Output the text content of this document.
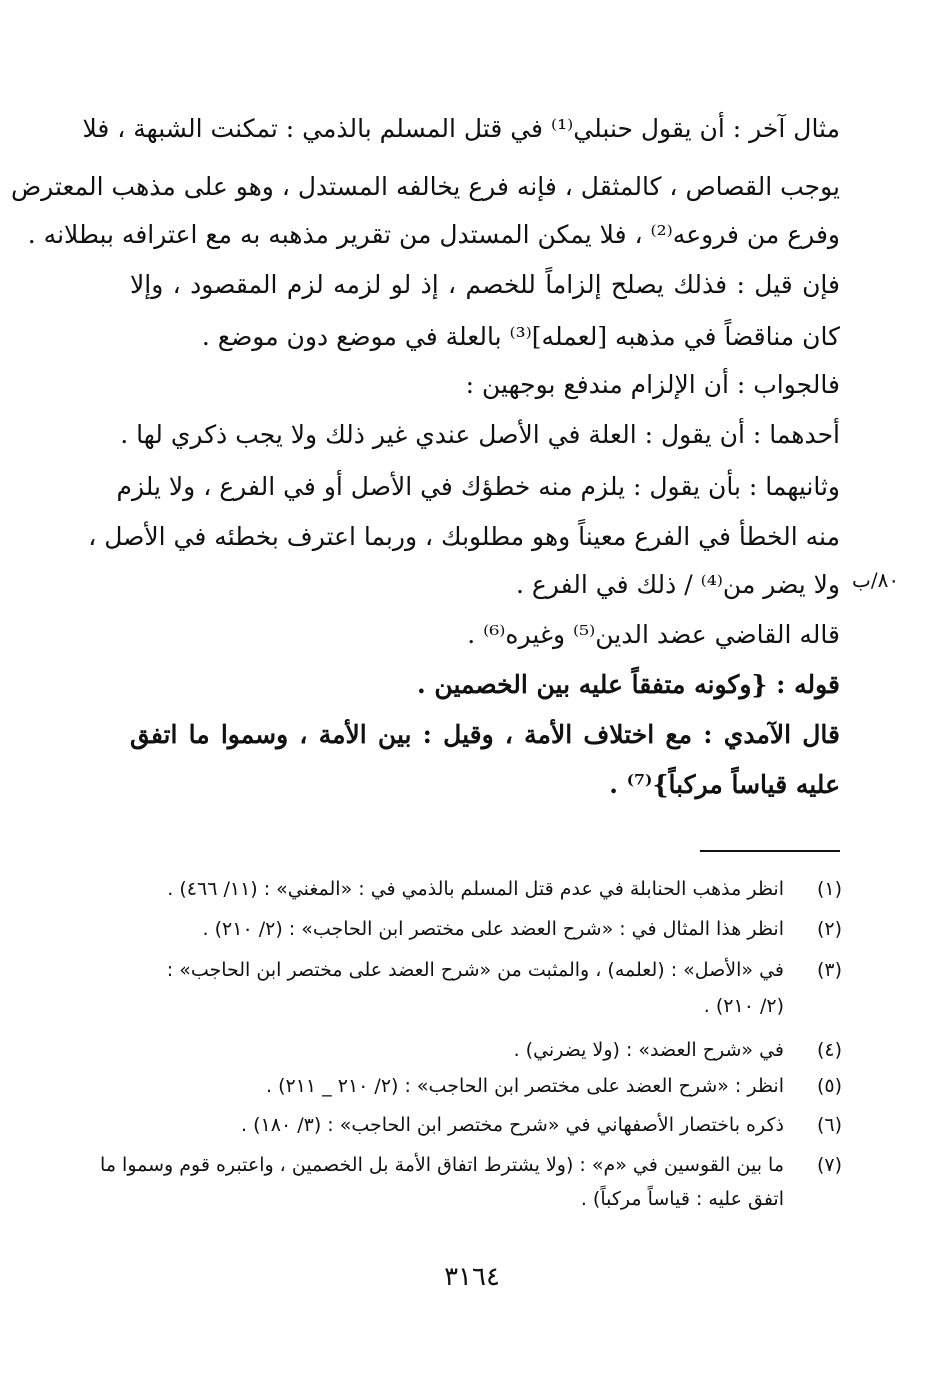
مثال آخر : أن يقول حنبلي⁽¹⁾ في قتل المسلم بالذمي : تمكنت الشبهة ، فلا
يوجب القصاص ، كالمثقل ، فإنه فرع يخالفه المستدل ، وهو على مذهب المعترض
وفرع من فروعه⁽²⁾ ، فلا يمكن المستدل من تقرير مذهبه به مع اعترافه ببطلانه .
فإن قيل : فذلك يصلح إلزاماً للخصم ، إذ لو لزمه لزم المقصود ، وإلا
كان مناقضاً في مذهبه [لعمله]⁽³⁾ بالعلة في موضع دون موضع .
فالجواب : أن الإلزام مندفع بوجهين :
أحدهما : أن يقول : العلة في الأصل عندي غير ذلك ولا يجب ذكري لها .
وثانيهما : بأن يقول : يلزم منه خطؤك في الأصل أو في الفرع ، ولا يلزم
منه الخطأ في الفرع معيناً وهو مطلوبك ، وربما اعترف بخطئه في الأصل ،
ولا يضر من⁽⁴⁾ / ذلك في الفرع .
قاله القاضي عضد الدين⁽⁵⁾ وغيره⁽⁶⁾ .
قوله : {وكونه متفقاً عليه بين الخصمين .
قال الآمدي : مع اختلاف الأمة ، وقيل : بين الأمة ، وسموا ما اتفق
عليه قياساً مركباً}⁽⁷⁾ .
٨٠/ب
(١)
انظر مذهب الحنابلة في عدم قتل المسلم بالذمي في : «المغني» : (١١/ ٤٦٦) .
(٢)
انظر هذا المثال في : «شرح العضد على مختصر ابن الحاجب» : (٢/ ٢١٠) .
(٣)
في «الأصل» : (لعلمه) ، والمثبت من «شرح العضد على مختصر ابن الحاجب» :
(٢/ ٢١٠) .
(٤)
في «شرح العضد» : (ولا يضرني) .
(٥)
انظر : «شرح العضد على مختصر ابن الحاجب» : (٢/ ٢١٠ _ ٢١١) .
(٦)
ذكره باختصار الأصفهاني في «شرح مختصر ابن الحاجب» : (٣/ ١٨٠) .
(٧)
ما بين القوسين في «م» : (ولا يشترط اتفاق الأمة بل الخصمين ، واعتبره قوم وسموا ما
اتفق عليه : قياساً مركباً) .
٣١٦٤
